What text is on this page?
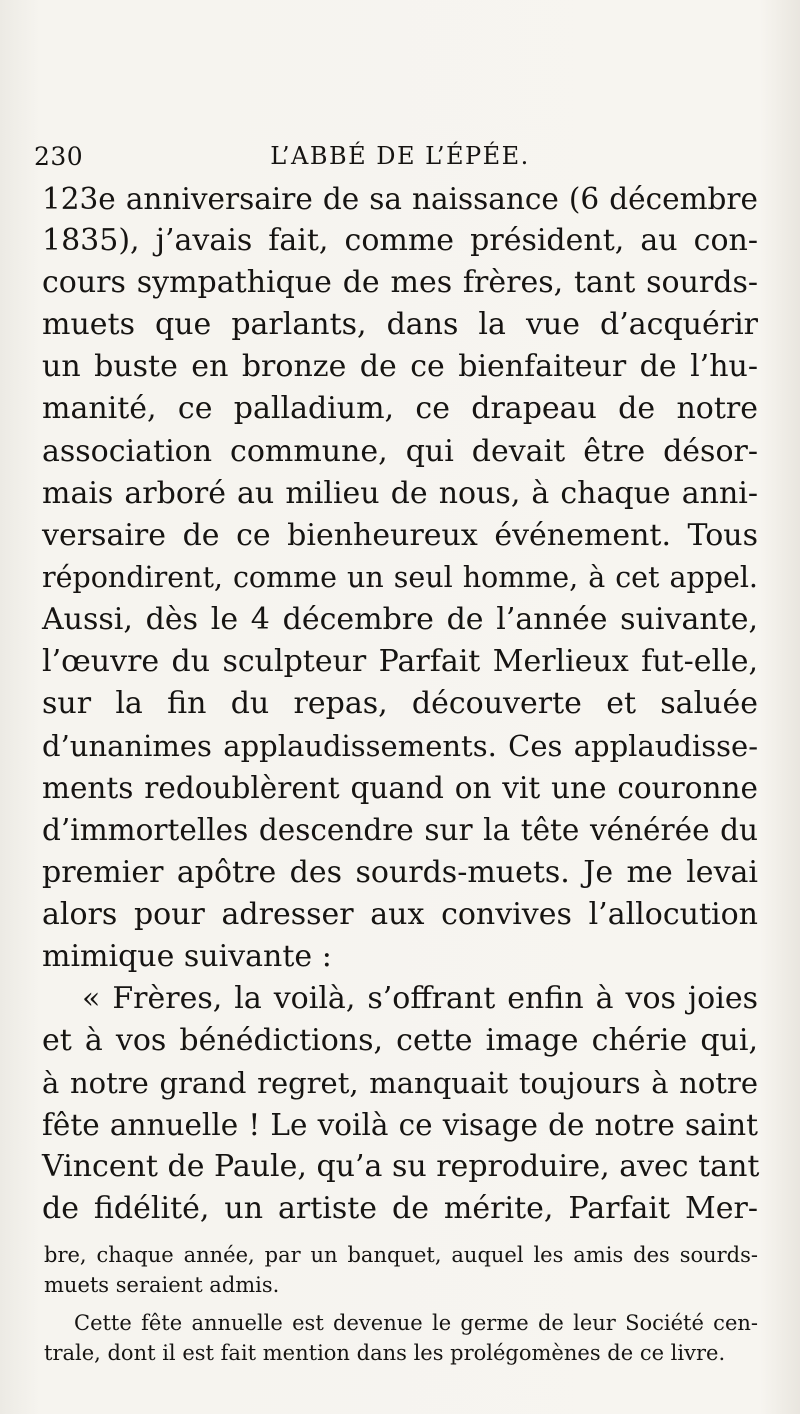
230	L’ABBÉ DE L’ÉPÉE.
123e anniversaire de sa naissance (6 décembre
1835), j’avais fait, comme président, au con-
cours sympathique de mes frères, tant sourds-
muets que parlants, dans la vue d’acquérir
un buste en bronze de ce bienfaiteur de l’hu-
manité, ce palladium, ce drapeau de notre
association commune, qui devait être désor-
mais arboré au milieu de nous, à chaque anni-
versaire de ce bienheureux événement. Tous
répondirent, comme un seul homme, à cet appel.
Aussi, dès le 4 décembre de l’année suivante,
l’œuvre du sculpteur Parfait Merlieux fut-elle,
sur la fin du repas, découverte et saluée
d’unanimes applaudissements. Ces applaudisse-
ments redoublèrent quand on vit une couronne
d’immortelles descendre sur la tête vénérée du
premier apôtre des sourds-muets. Je me levai
alors pour adresser aux convives l’allocution
mimique suivante :
« Frères, la voilà, s’offrant enfin à vos joies
et à vos bénédictions, cette image chérie qui,
à notre grand regret, manquait toujours à notre
fête annuelle ! Le voilà ce visage de notre saint
Vincent de Paule, qu’a su reproduire, avec tant
de fidélité, un artiste de mérite, Parfait Mer-
bre, chaque année, par un banquet, auquel les amis des sourds-
muets seraient admis.
Cette fête annuelle est devenue le germe de leur Société cen-
trale, dont il est fait mention dans les prolégomènes de ce livre.
